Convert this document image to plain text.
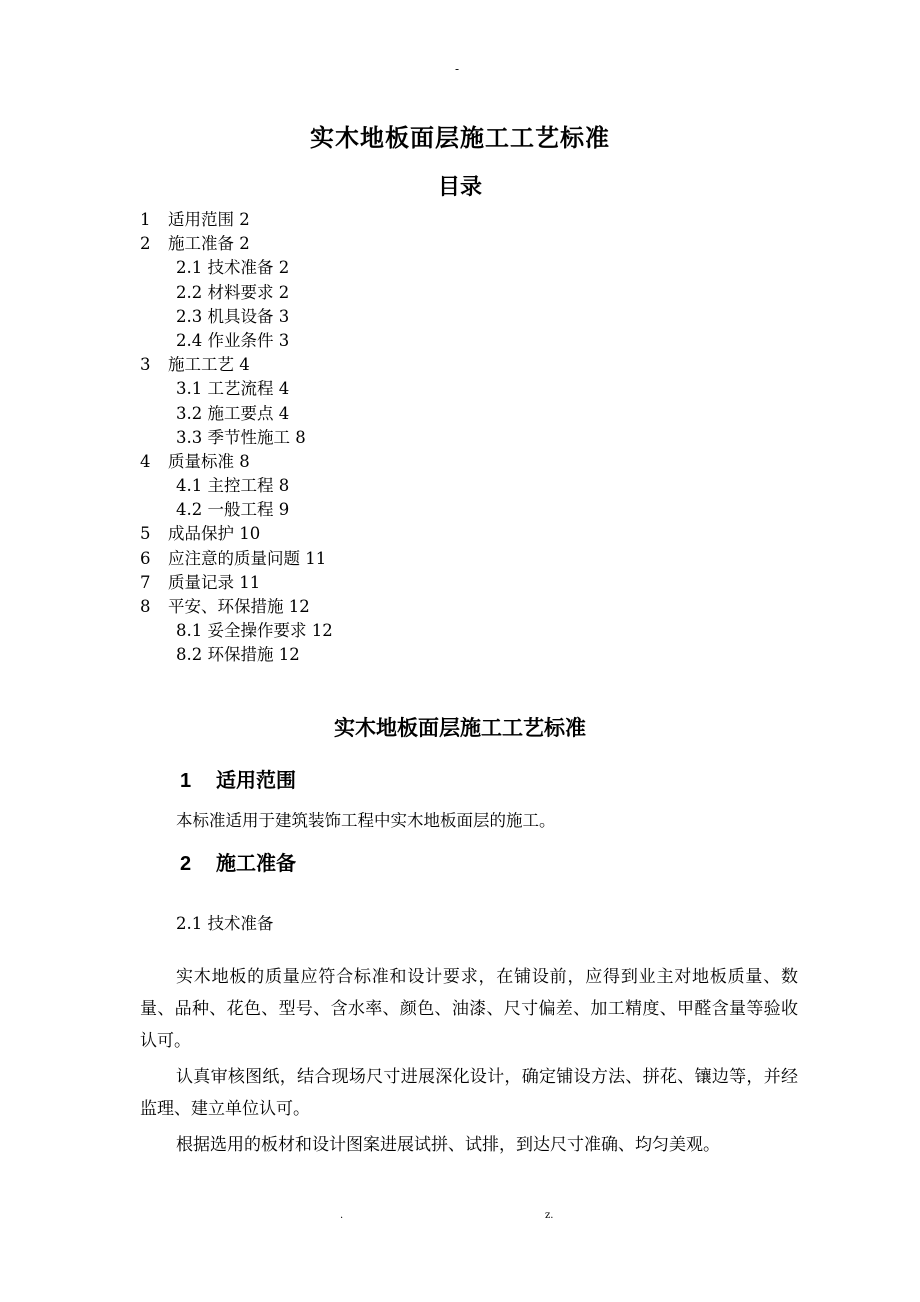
-
实木地板面层施工工艺标准
目录
1 适用范围 2
2 施工准备 2
2.1 技术准备 2
2.2 材料要求 2
2.3 机具设备 3
2.4 作业条件 3
3 施工工艺 4
3.1 工艺流程 4
3.2 施工要点 4
3.3 季节性施工 8
4 质量标准 8
4.1 主控工程 8
4.2 一般工程 9
5 成品保护 10
6 应注意的质量问题 11
7 质量记录 11
8 平安、环保措施 12
8.1 妥全操作要求 12
8.2 环保措施 12
实木地板面层施工工艺标准
1 适用范围
本标准适用于建筑装饰工程中实木地板面层的施工。
2 施工准备
2.1 技术准备

实木地板的质量应符合标准和设计要求，在铺设前，应得到业主对地板质量、数量、品种、花色、型号、含水率、颜色、油漆、尺寸偏差、加工精度、甲醛含量等验收认可。

认真审核图纸，结合现场尺寸进展深化设计，确定铺设方法、拼花、镶边等，并经监理、建立单位认可。

根据选用的板材和设计图案进展试拼、试排，到达尺寸准确、均匀美观。

.	z.
